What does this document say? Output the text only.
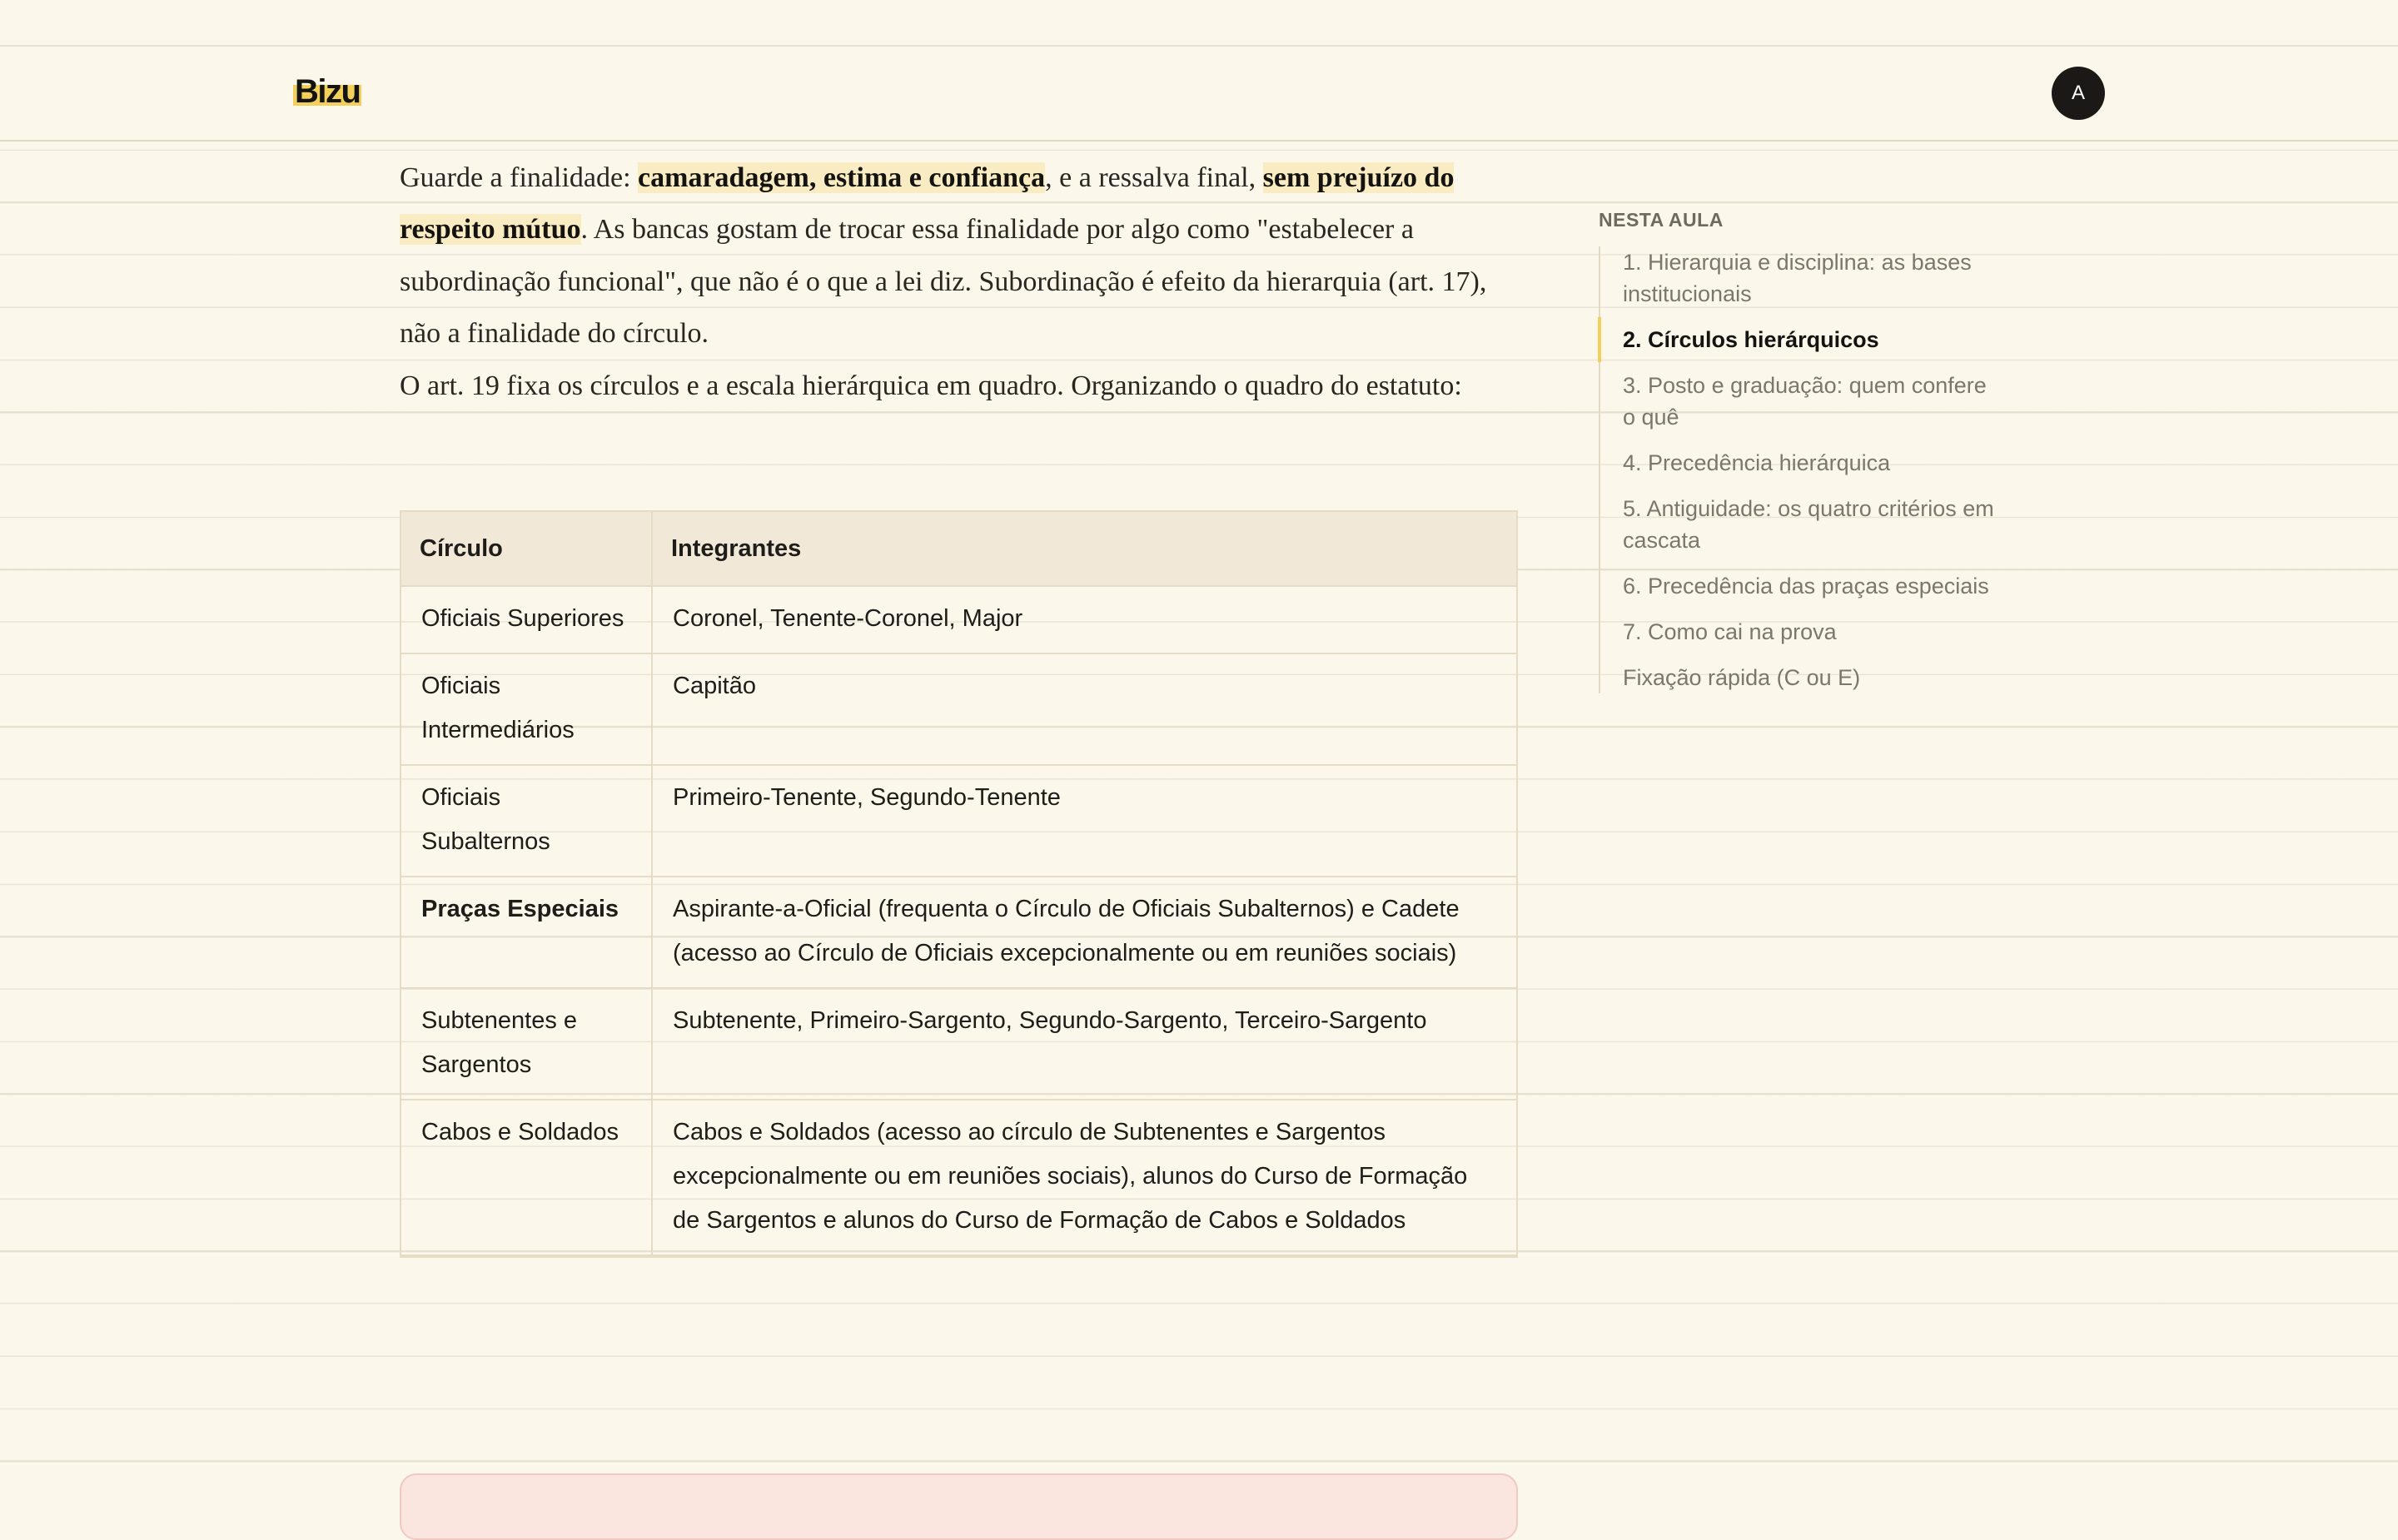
Guarde a finalidade: camaradagem, estima e confiança, e a ressalva final, sem prejuízo do respeito mútuo. As bancas gostam de trocar essa finalidade por algo como "estabelecer a subordinação funcional", que não é o que a lei diz. Subordinação é efeito da hierarquia (art. 17), não a finalidade do círculo.

O art. 19 fixa os círculos e a escala hierárquica em quadro. Organizando o quadro do estatuto:

Círculo	Integrantes
Oficiais Superiores	Coronel, Tenente-Coronel, Major
Oficiais Intermediários	Capitão
Oficiais Subalternos	Primeiro-Tenente, Segundo-Tenente
Praças Especiais	Aspirante-a-Oficial (frequenta o Círculo de Oficiais Subalternos) e Cadete (acesso ao Círculo de Oficiais excepcionalmente ou em reuniões sociais)
Subtenentes e Sargentos	Subtenente, Primeiro-Sargento, Segundo-Sargento, Terceiro-Sargento
Cabos e Soldados	Cabos e Soldados (acesso ao círculo de Subtenentes e Sargentos excepcionalmente ou em reuniões sociais), alunos do Curso de Formação de Sargentos e alunos do Curso de Formação de Cabos e Soldados
NESTA AULA
1. Hierarquia e disciplina: as bases institucionais
2. Círculos hierárquicos
3. Posto e graduação: quem confere o quê
4. Precedência hierárquica
5. Antiguidade: os quatro critérios em cascata
6. Precedência das praças especiais
7. Como cai na prova
Fixação rápida (C ou E)
Bizu	A
